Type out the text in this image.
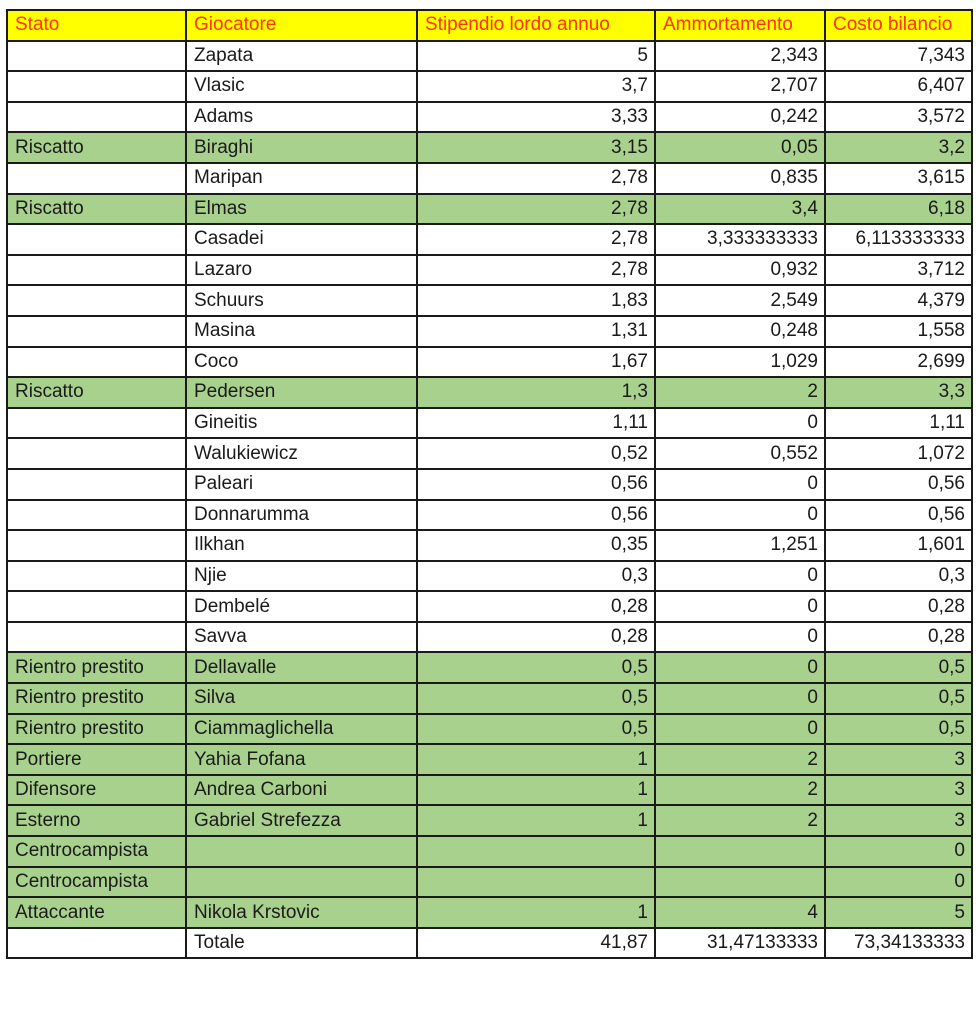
Stato	Giocatore	Stipendio lordo annuo	Ammortamento	Costo bilancio
	Zapata	5	2,343	7,343
	Vlasic	3,7	2,707	6,407
	Adams	3,33	0,242	3,572
Riscatto	Biraghi	3,15	0,05	3,2
	Maripan	2,78	0,835	3,615
Riscatto	Elmas	2,78	3,4	6,18
	Casadei	2,78	3,333333333	6,113333333
	Lazaro	2,78	0,932	3,712
	Schuurs	1,83	2,549	4,379
	Masina	1,31	0,248	1,558
	Coco	1,67	1,029	2,699
Riscatto	Pedersen	1,3	2	3,3
	Gineitis	1,11	0	1,11
	Walukiewicz	0,52	0,552	1,072
	Paleari	0,56	0	0,56
	Donnarumma	0,56	0	0,56
	Ilkhan	0,35	1,251	1,601
	Njie	0,3	0	0,3
	Dembelé	0,28	0	0,28
	Savva	0,28	0	0,28
Rientro prestito	Dellavalle	0,5	0	0,5
Rientro prestito	Silva	0,5	0	0,5
Rientro prestito	Ciammaglichella	0,5	0	0,5
Portiere	Yahia Fofana	1	2	3
Difensore	Andrea Carboni	1	2	3
Esterno	Gabriel Strefezza	1	2	3
Centrocampista				0
Centrocampista				0
Attaccante	Nikola Krstovic	1	4	5
	Totale	41,87	31,47133333	73,34133333
